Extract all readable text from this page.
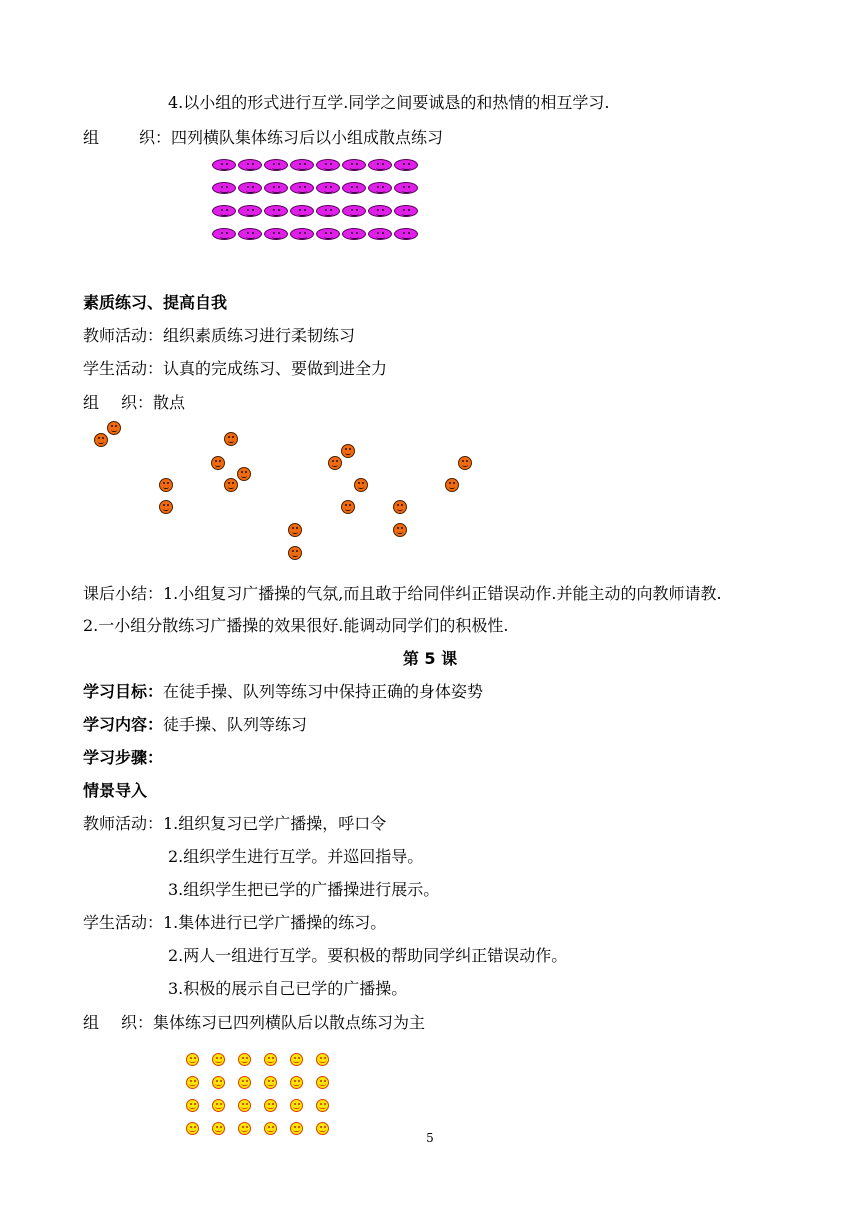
4.以小组的形式进行互学.同学之间要诚恳的和热情的相互学习.
组	织：四列横队集体练习后以小组成散点练习
素质练习、提高自我
教师活动：组织素质练习进行柔韧练习
学生活动：认真的完成练习、要做到进全力
组 织：散点
课后小结：1.小组复习广播操的气氛,而且敢于给同伴纠正错误动作.并能主动的向教师请教.
2.一小组分散练习广播操的效果很好.能调动同学们的积极性.
第 5 课
学习目标：在徒手操、队列等练习中保持正确的身体姿势
学习内容：徒手操、队列等练习
学习步骤：
情景导入
教师活动：1.组织复习已学广播操，呼口令
2.组织学生进行互学。并巡回指导。
3.组织学生把已学的广播操进行展示。
学生活动：1.集体进行已学广播操的练习。
2.两人一组进行互学。要积极的帮助同学纠正错误动作。
3.积极的展示自己已学的广播操。
组 织：集体练习已四列横队后以散点练习为主
5
